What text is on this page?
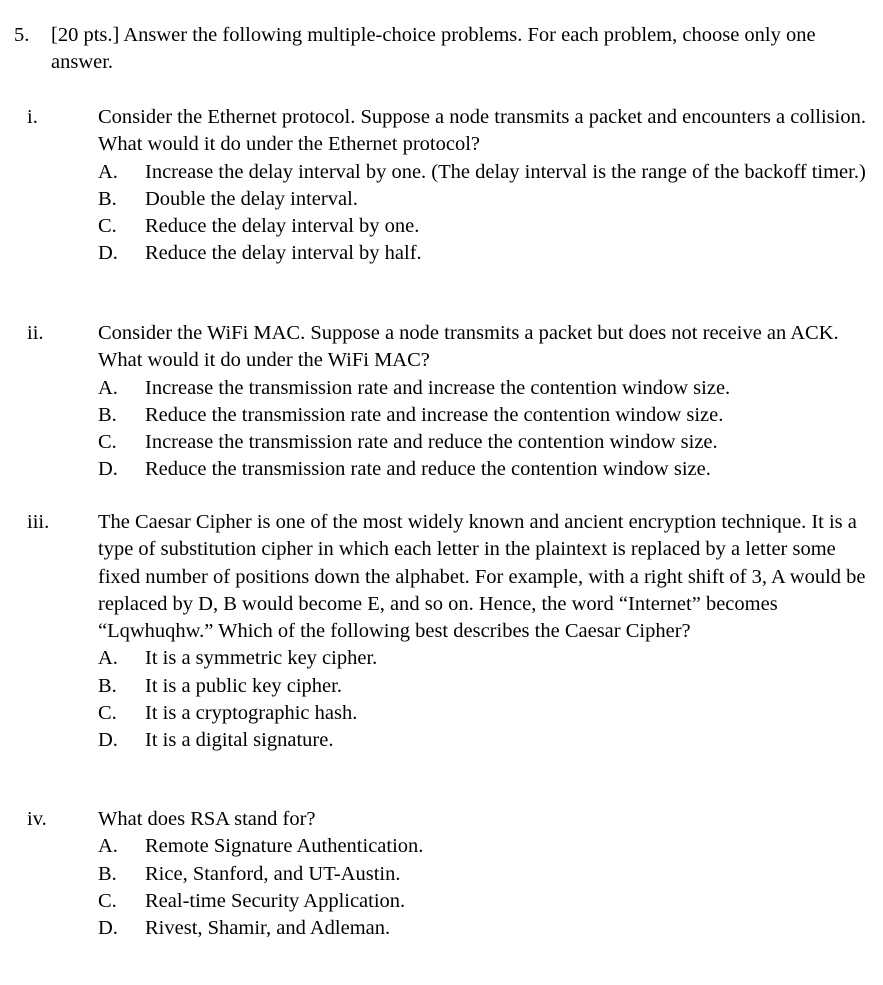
5.	[20 pts.] Answer the following multiple-choice problems. For each problem, choose only one answer.
i.	Consider the Ethernet protocol. Suppose a node transmits a packet and encounters a collision. What would it do under the Ethernet protocol?

A.	Increase the delay interval by one. (The delay interval is the range of the backoff timer.)
B.	Double the delay interval.
C.	Reduce the delay interval by one.
D.	Reduce the delay interval by half.
ii.	Consider the WiFi MAC. Suppose a node transmits a packet but does not receive an ACK. What would it do under the WiFi MAC?

A.	Increase the transmission rate and increase the contention window size.
B.	Reduce the transmission rate and increase the contention window size.
C.	Increase the transmission rate and reduce the contention window size.
D.	Reduce the transmission rate and reduce the contention window size.
iii. The Caesar Cipher is one of the most widely known and ancient encryption technique. It is a type of substitution cipher in which each letter in the plaintext is replaced by a letter some fixed number of positions down the alphabet. For example, with a right shift of 3, A would be replaced by D, B would become E, and so on. Hence, the word “Internet” becomes “Lqwhuqhw.” Which of the following best describes the Caesar Cipher?

A.	It is a symmetric key cipher.
B.	It is a public key cipher.
C.	It is a cryptographic hash.
D.	It is a digital signature.
iv.	What does RSA stand for?

A.	Remote Signature Authentication.
B.	Rice, Stanford, and UT-Austin.
C.	Real-time Security Application.
D.	Rivest, Shamir, and Adleman.
